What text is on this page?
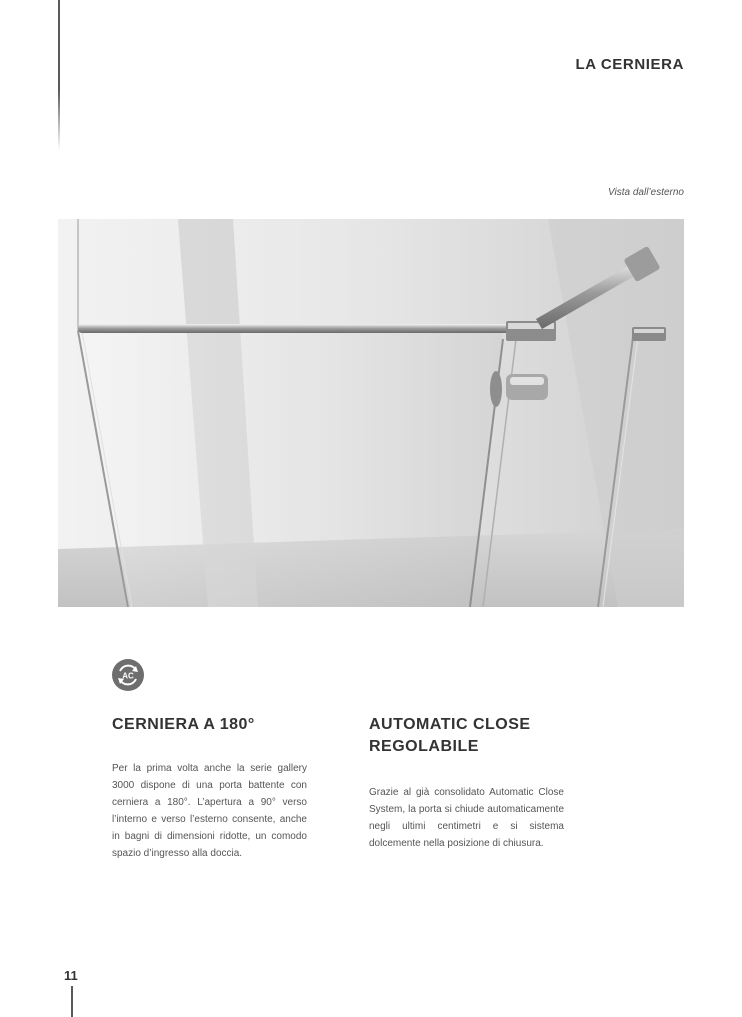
LA CERNIERA
Vista dall’esterno
AC
CERNIERA A 180°

Per la prima volta anche la serie gallery 3000 dispone di una porta battente con cerniera a 180°. L’apertura a 90° verso l’interno e verso l’esterno consente, anche in bagni di dimensioni ridotte, un comodo spazio d’ingresso alla doccia.

AUTOMATIC CLOSE REGOLABILE

Grazie al già consolidato Automatic Close System, la porta si chiude automaticamente negli ultimi centimetri e si sistema dolcemente nella posizione di chiusura.

11
